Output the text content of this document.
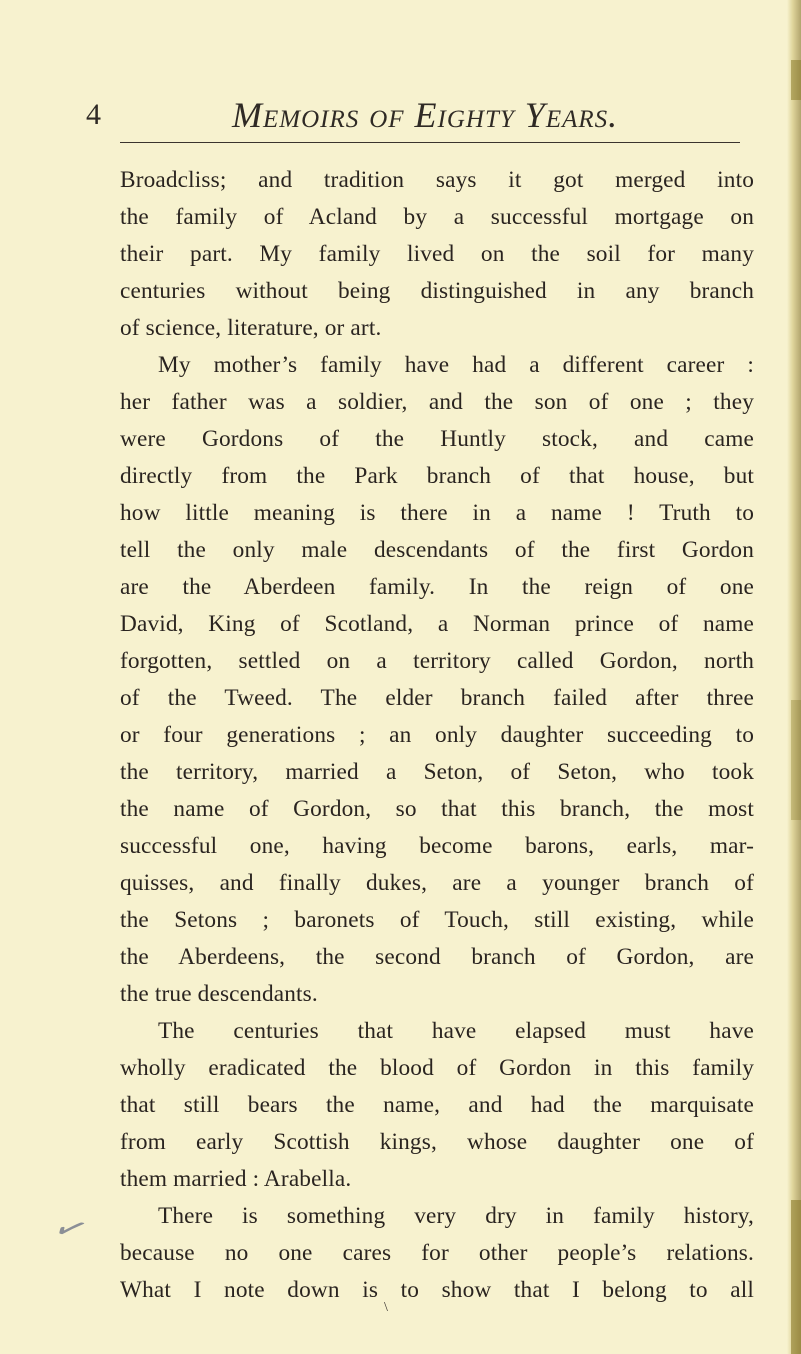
4	Memoirs of Eighty Years.
Broadcliss; and tradition says it got merged into
the family of Acland by a successful mortgage on
their part. My family lived on the soil for many
centuries without being distinguished in any branch
of science, literature, or art.
My mother’s family have had a different career :
her father was a soldier, and the son of one ; they
were Gordons of the Huntly stock, and came
directly from the Park branch of that house, but
how little meaning is there in a name ! Truth to
tell the only male descendants of the first Gordon
are the Aberdeen family. In the reign of one
David, King of Scotland, a Norman prince of name
forgotten, settled on a territory called Gordon, north
of the Tweed. The elder branch failed after three
or four generations ; an only daughter succeeding to
the territory, married a Seton, of Seton, who took
the name of Gordon, so that this branch, the most
successful one, having become barons, earls, mar-
quisses, and finally dukes, are a younger branch of
the Setons ; baronets of Touch, still existing, while
the Aberdeens, the second branch of Gordon, are
the true descendants.
The centuries that have elapsed must have
wholly eradicated the blood of Gordon in this family
that still bears the name, and had the marquisate
from early Scottish kings, whose daughter one of
them married : Arabella.
There is something very dry in family history,
because no one cares for other people’s relations.
What I note down is to show that I belong to all
✓
\
